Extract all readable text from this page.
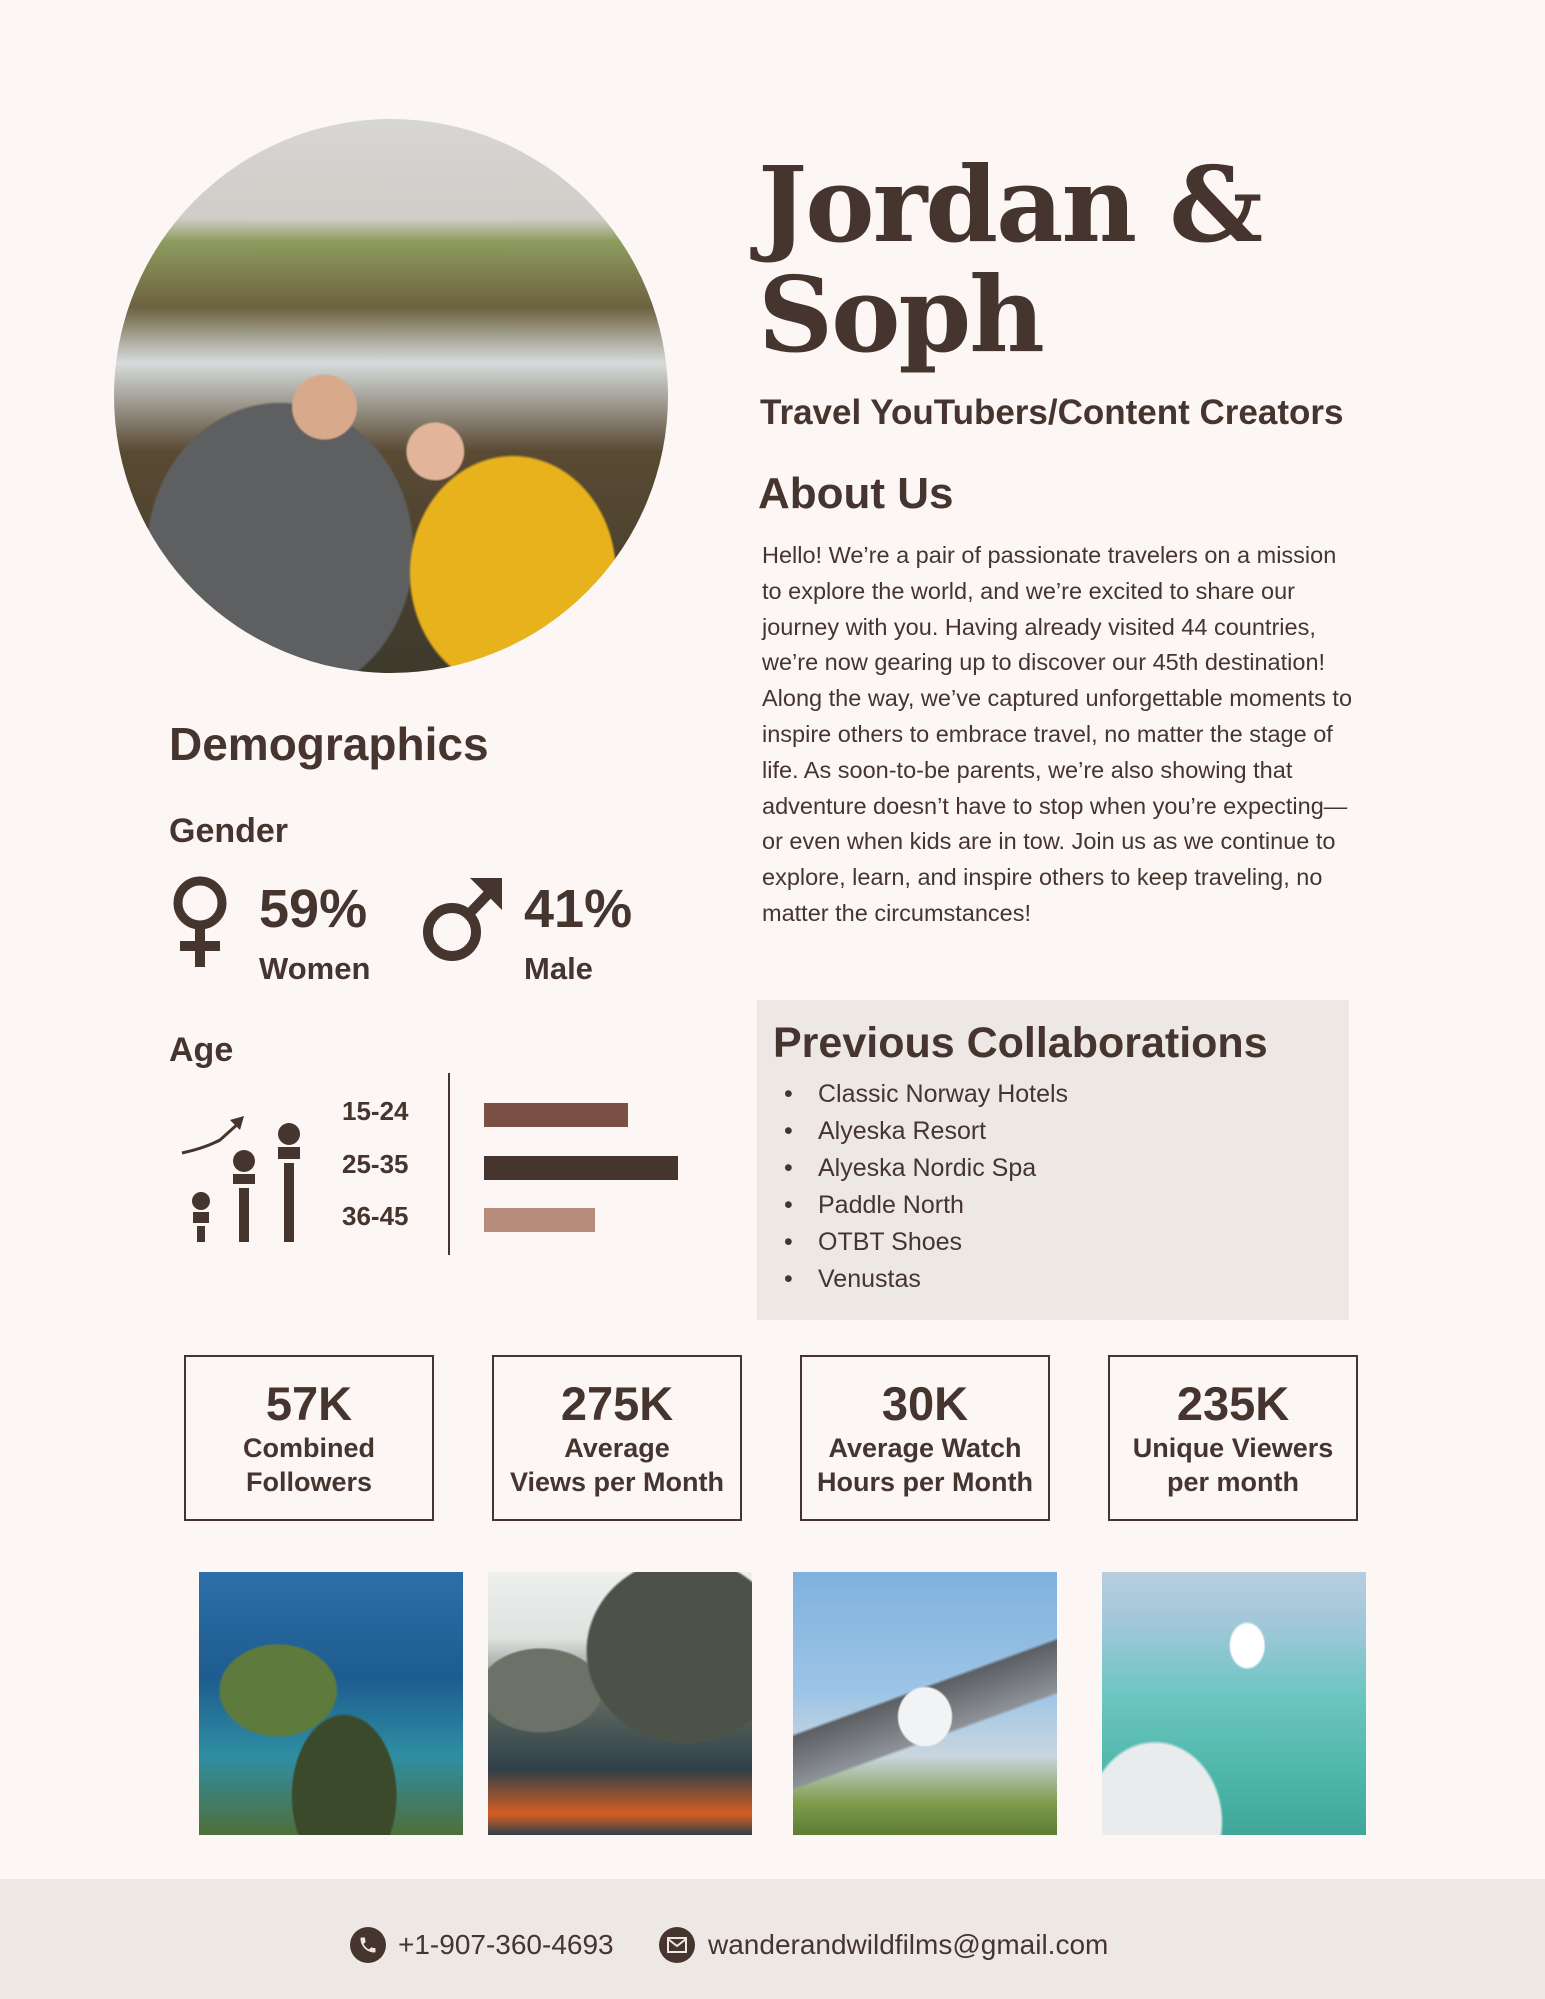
Jordan & Soph
Travel YouTubers/Content Creators
About Us
Hello! We’re a pair of passionate travelers on a mission to explore the world, and we’re excited to share our journey with you. Having already visited 44 countries, we’re now gearing up to discover our 45th destination! Along the way, we’ve captured unforgettable moments to inspire others to embrace travel, no matter the stage of life. As soon-to-be parents, we’re also showing that adventure doesn’t have to stop when you’re expecting—or even when kids are in tow. Join us as we continue to explore, learn, and inspire others to keep traveling, no matter the circumstances!
Demographics
Gender
59%
Women
41%
Male
Age
15-24
25-35
36-45
Previous Collaborations
• Classic Norway Hotels
• Alyeska Resort
• Alyeska Nordic Spa
• Paddle North
• OTBT Shoes
• Venustas
57K
Combined
Followers
275K
Average
Views per Month
30K
Average Watch
Hours per Month
235K
Unique Viewers
per month
+1-907-360-4693	wanderandwildfilms@gmail.com
